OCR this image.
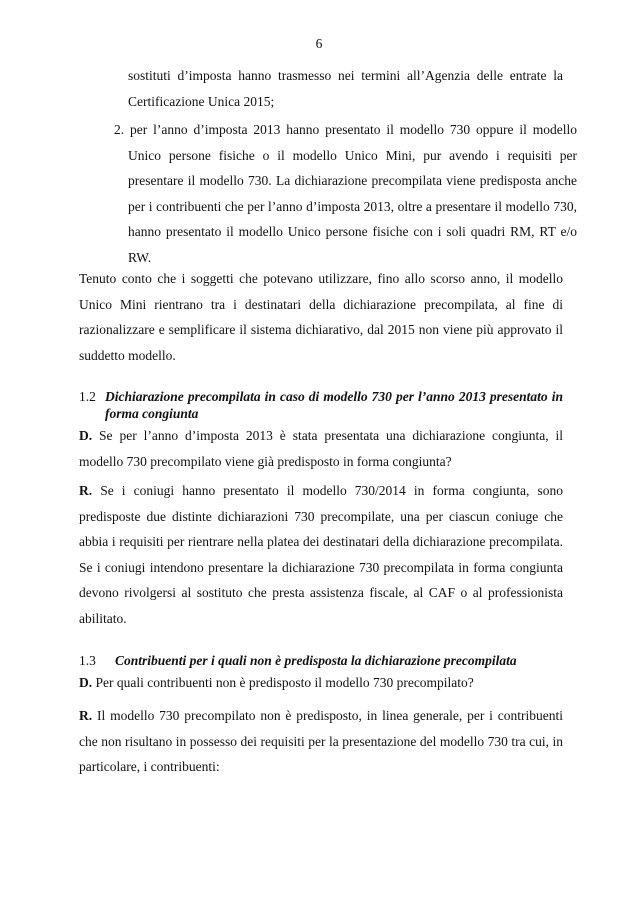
6

sostituti d’imposta hanno trasmesso nei termini all’Agenzia delle entrate la Certificazione Unica 2015;

2. per l’anno d’imposta 2013 hanno presentato il modello 730 oppure il modello Unico persone fisiche o il modello Unico Mini, pur avendo i requisiti per presentare il modello 730. La dichiarazione precompilata viene predisposta anche per i contribuenti che per l’anno d’imposta 2013, oltre a presentare il modello 730, hanno presentato il modello Unico persone fisiche con i soli quadri RM, RT e/o RW.

Tenuto conto che i soggetti che potevano utilizzare, fino allo scorso anno, il modello Unico Mini rientrano tra i destinatari della dichiarazione precompilata, al fine di razionalizzare e semplificare il sistema dichiarativo, dal 2015 non viene più approvato il suddetto modello.

1.2 Dichiarazione precompilata in caso di modello 730 per l’anno 2013 presentato in forma congiunta

D. Se per l’anno d’imposta 2013 è stata presentata una dichiarazione congiunta, il modello 730 precompilato viene già predisposto in forma congiunta?

R. Se i coniugi hanno presentato il modello 730/2014 in forma congiunta, sono predisposte due distinte dichiarazioni 730 precompilate, una per ciascun coniuge che abbia i requisiti per rientrare nella platea dei destinatari della dichiarazione precompilata. Se i coniugi intendono presentare la dichiarazione 730 precompilata in forma congiunta devono rivolgersi al sostituto che presta assistenza fiscale, al CAF o al professionista abilitato.

1.3 Contribuenti per i quali non è predisposta la dichiarazione precompilata

D. Per quali contribuenti non è predisposto il modello 730 precompilato?

R. Il modello 730 precompilato non è predisposto, in linea generale, per i contribuenti che non risultano in possesso dei requisiti per la presentazione del modello 730 tra cui, in particolare, i contribuenti:
